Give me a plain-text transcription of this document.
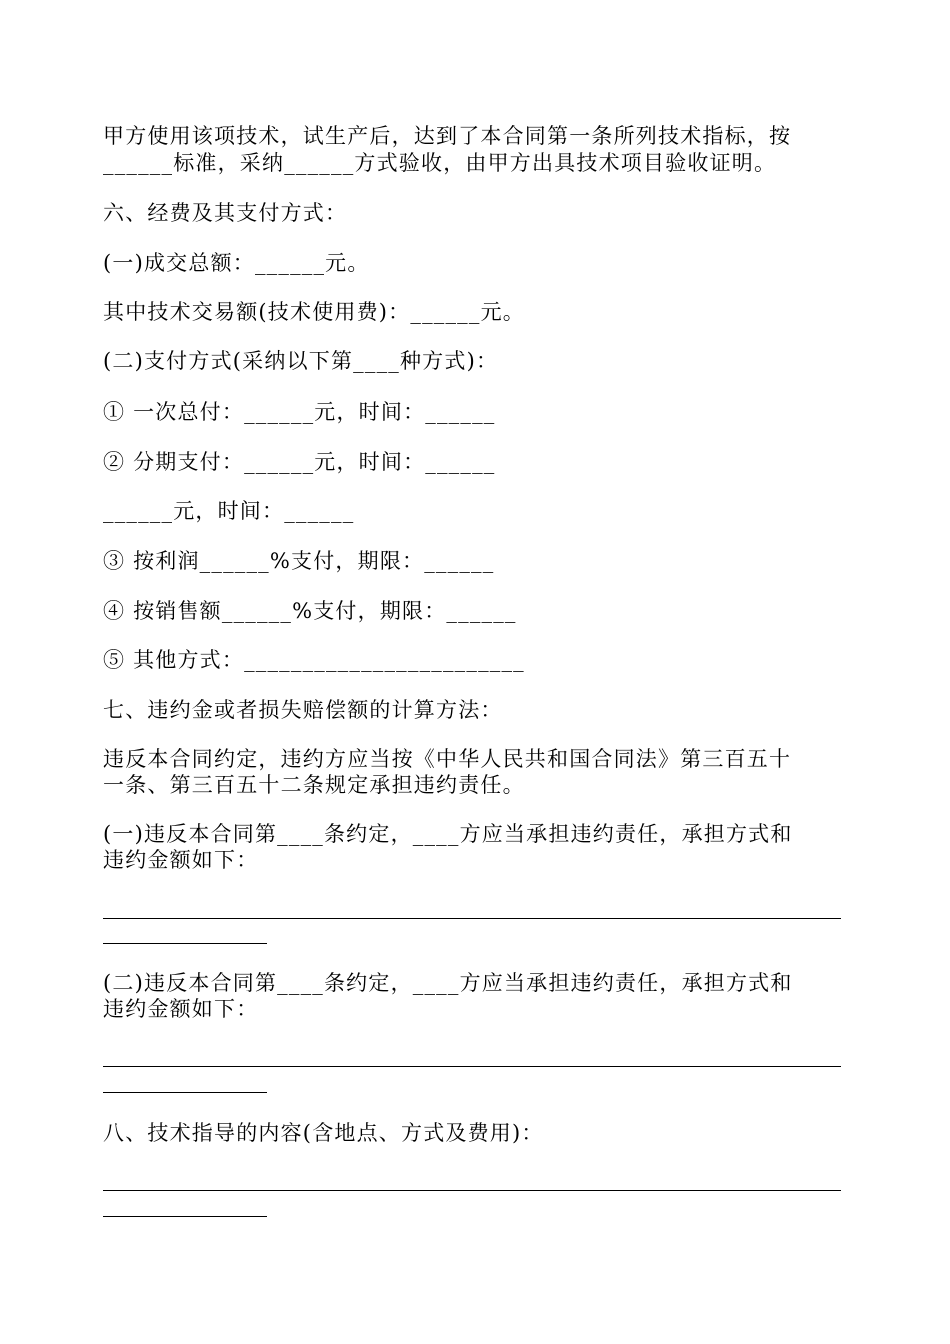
甲方使用该项技术，试生产后，达到了本合同第一条所列技术指标，按

______标准，采纳______方式验收，由甲方出具技术项目验收证明。

六、经费及其支付方式：

(一)成交总额：______元。

其中技术交易额(技术使用费)：______元。

(二)支付方式(采纳以下第____种方式)：

① 一次总付：______元，时间：______

② 分期支付：______元，时间：______

______元，时间：______

③ 按利润______%支付，期限：______

④ 按销售额______%支付，期限：______

⑤ 其他方式：________________________

七、违约金或者损失赔偿额的计算方法：

违反本合同约定，违约方应当按《中华人民共和国合同法》第三百五十

一条、第三百五十二条规定承担违约责任。

(一)违反本合同第____条约定，____方应当承担违约责任，承担方式和

违约金额如下：

(二)违反本合同第____条约定，____方应当承担违约责任，承担方式和

违约金额如下：

八、技术指导的内容(含地点、方式及费用)：
